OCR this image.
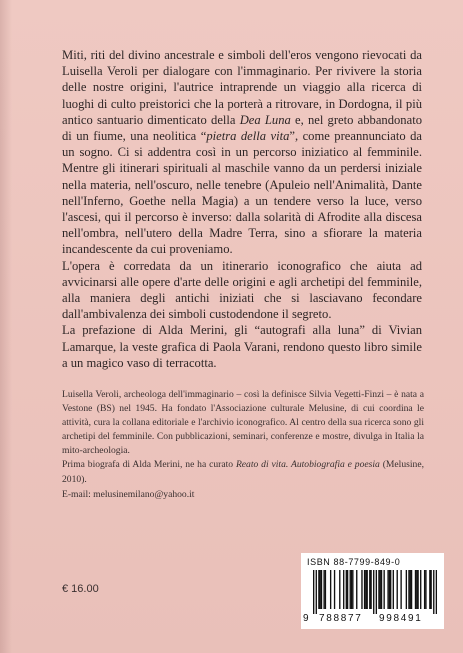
Miti, riti del divino ancestrale e simboli dell'eros vengono rievocati da Luisella Veroli per dialogare con l'immaginario. Per rivivere la storia delle nostre origini, l'autrice intraprende un viaggio alla ricerca di luoghi di culto preistorici che la porterà a ritrovare, in Dordogna, il più antico santuario dimenticato della Dea Luna e, nel greto abbandonato di un fiume, una neolitica “pietra della vita”, come preannunciato da un sogno. Ci si addentra così in un percorso iniziatico al femminile. Mentre gli itinerari spirituali al maschile vanno da un perdersi iniziale nella materia, nell'oscuro, nelle tenebre (Apuleio nell'Animalità, Dante nell'Inferno, Goethe nella Magia) a un tendere verso la luce, verso l'ascesi, qui il percorso è inverso: dalla solarità di Afrodite alla discesa nell'ombra, nell'utero della Madre Terra, sino a sfiorare la materia incandescente da cui proveniamo.

L'opera è corredata da un itinerario iconografico che aiuta ad avvicinarsi alle opere d'arte delle origini e agli archetipi del femminile, alla maniera degli antichi iniziati che si lasciavano fecondare dall'ambivalenza dei simboli custodendone il segreto.

La prefazione di Alda Merini, gli “autografi alla luna” di Vivian Lamarque, la veste grafica di Paola Varani, rendono questo libro simile a un magico vaso di terracotta.

Luisella Veroli, archeologa dell'immaginario – così la definisce Silvia Vegetti-Finzi – è nata a Vestone (BS) nel 1945. Ha fondato l'Associazione culturale Melusine, di cui coordina le attività, cura la collana editoriale e l'archivio iconografico. Al centro della sua ricerca sono gli archetipi del femminile. Con pubblicazioni, seminari, conferenze e mostre, divulga in Italia la mito-archeologia.

Prima biografa di Alda Merini, ne ha curato Reato di vita. Autobiografia e poesia (Melusine, 2010).

E-mail: melusinemilano@yahoo.it
€ 16.00
ISBN 88-7799-849-0
9 788877 998491
